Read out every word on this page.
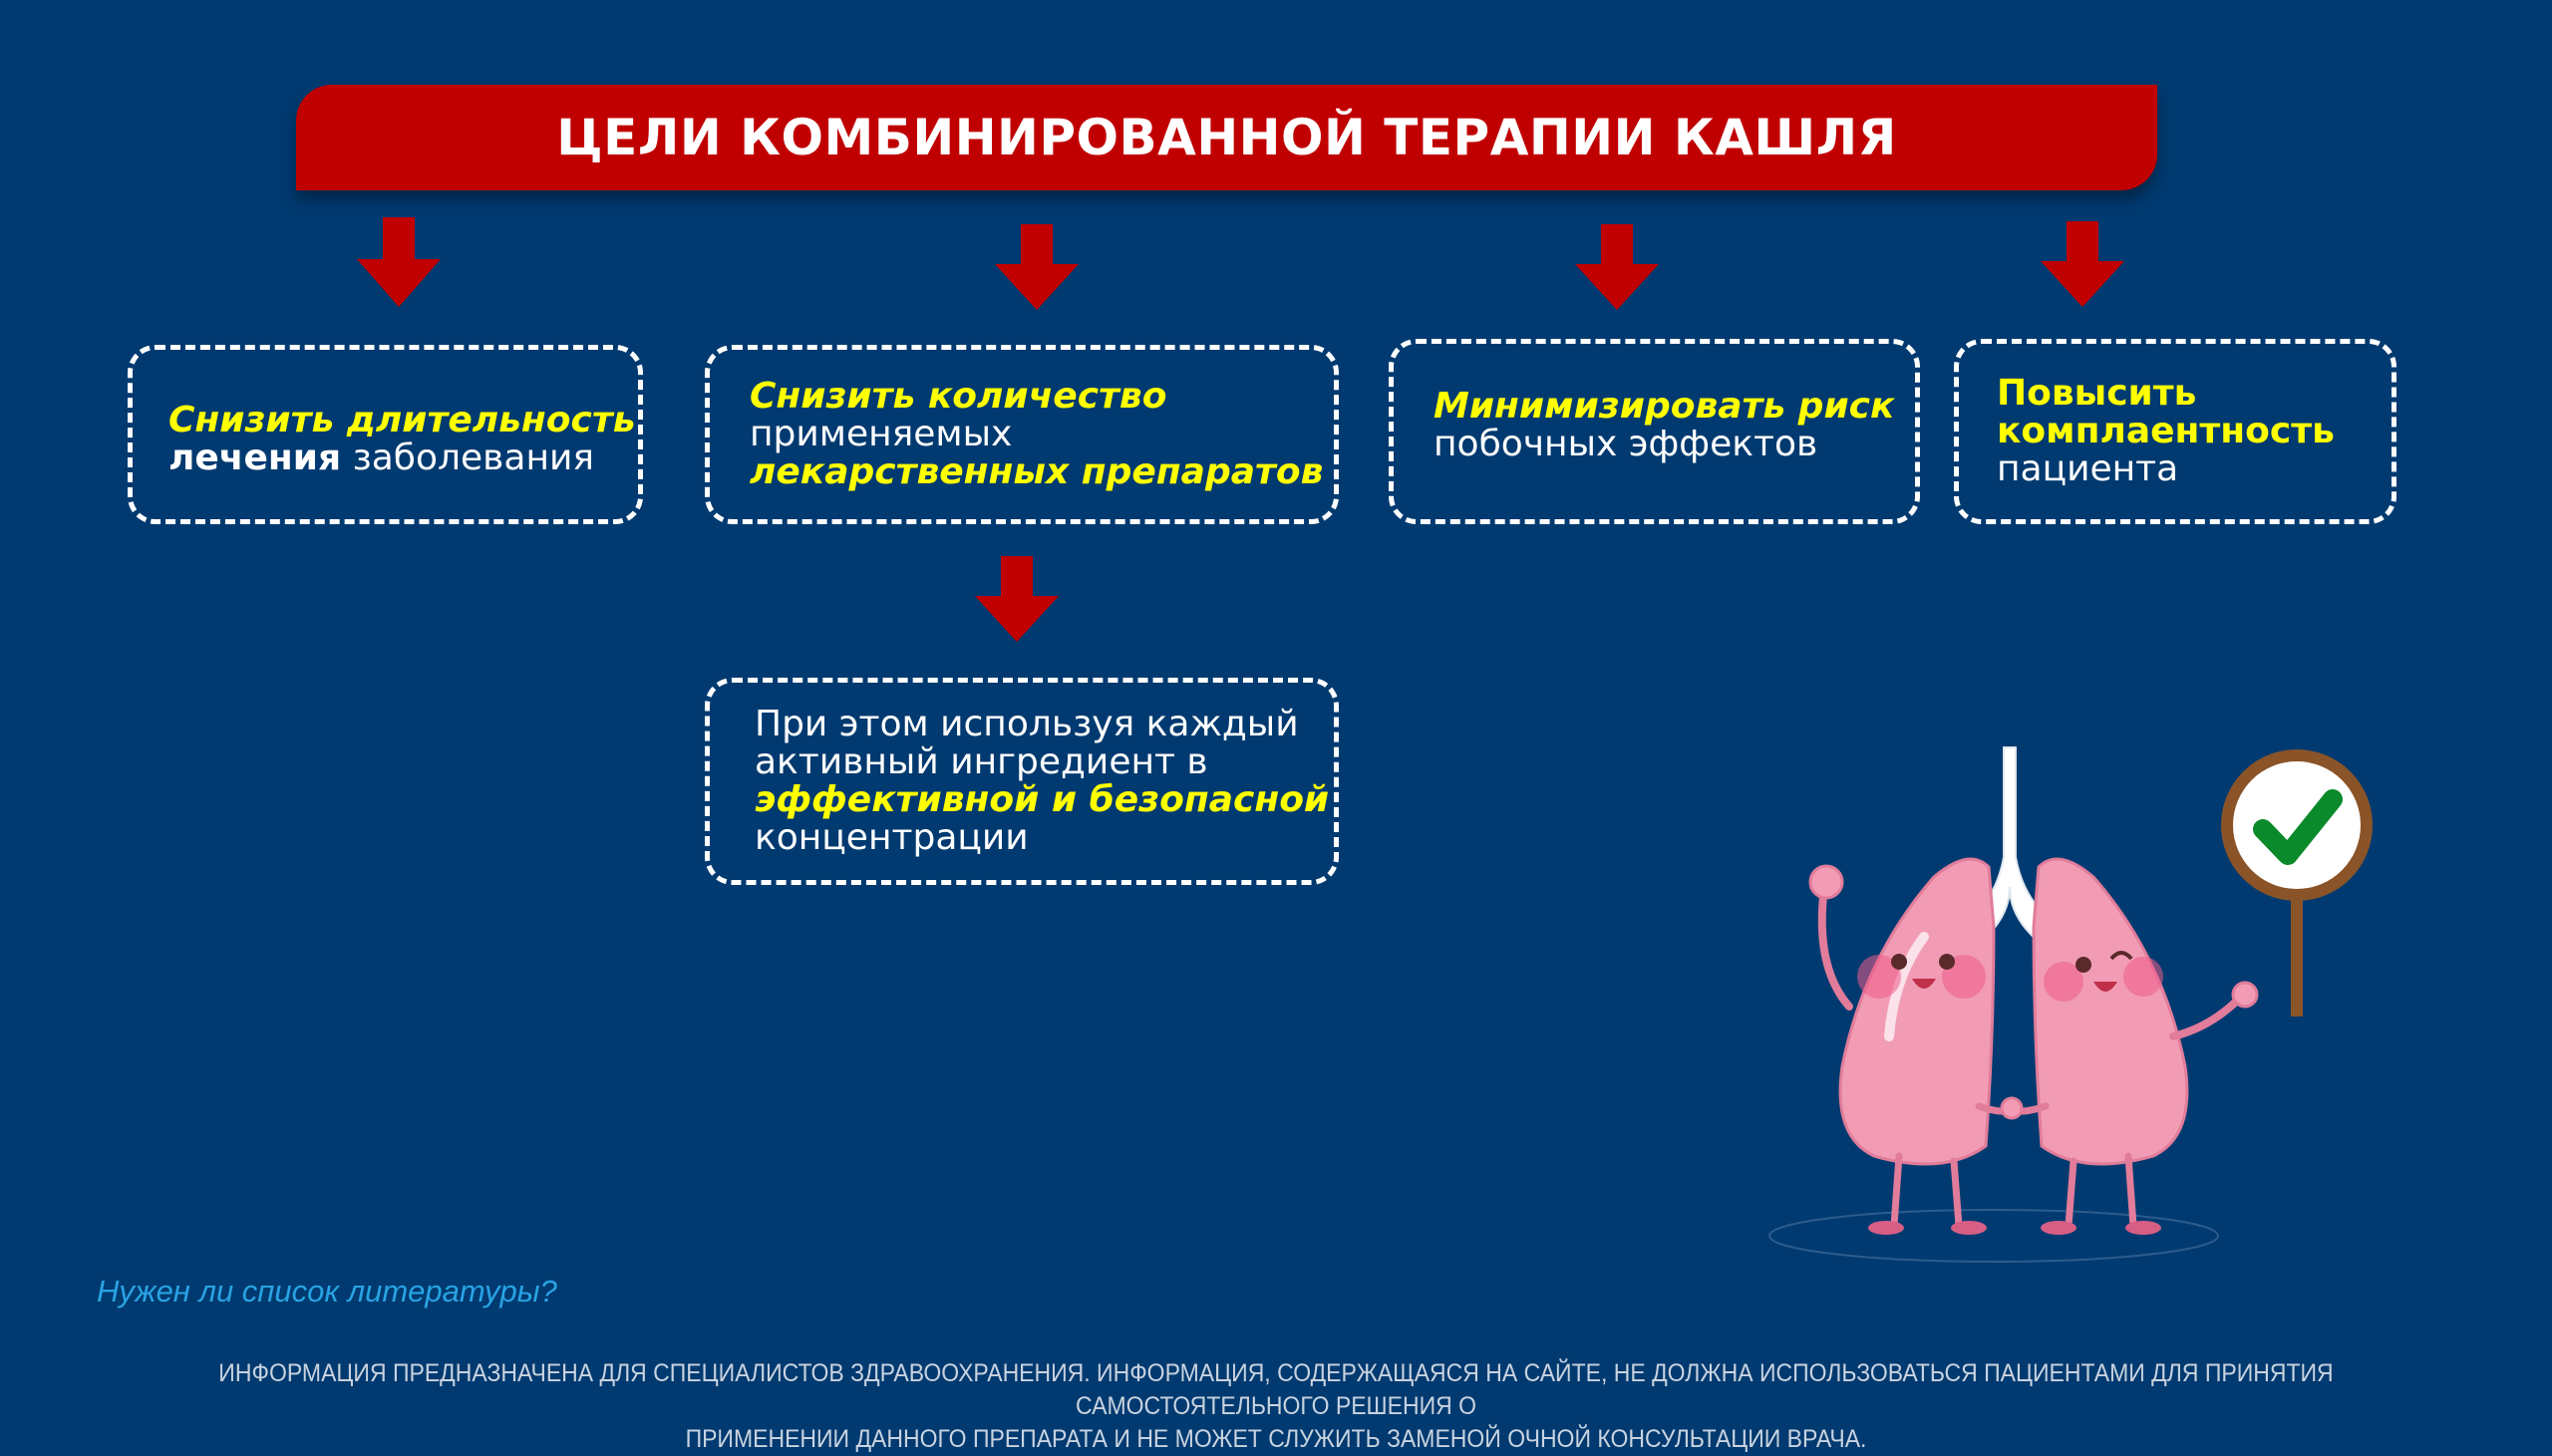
ЦЕЛИ КОМБИНИРОВАННОЙ ТЕРАПИИ КАШЛЯ
Снизить длительность
лечения заболевания
Снизить количество
применяемых
лекарственных препаратов
Минимизировать риск
побочных эффектов
Повысить
комплаентность
пациента
При этом используя каждый
активный ингредиент в
эффективной и безопасной
концентрации
Нужен ли список литературы?
ИНФОРМАЦИЯ ПРЕДНАЗНАЧЕНА ДЛЯ СПЕЦИАЛИСТОВ ЗДРАВООХРАНЕНИЯ. ИНФОРМАЦИЯ, СОДЕРЖАЩАЯСЯ НА САЙТЕ, НЕ ДОЛЖНА ИСПОЛЬЗОВАТЬСЯ ПАЦИЕНТАМИ ДЛЯ ПРИНЯТИЯ САМОСТОЯТЕЛЬНОГО РЕШЕНИЯ О
ПРИМЕНЕНИИ ДАННОГО ПРЕПАРАТА И НЕ МОЖЕТ СЛУЖИТЬ ЗАМЕНОЙ ОЧНОЙ КОНСУЛЬТАЦИИ ВРАЧА.
